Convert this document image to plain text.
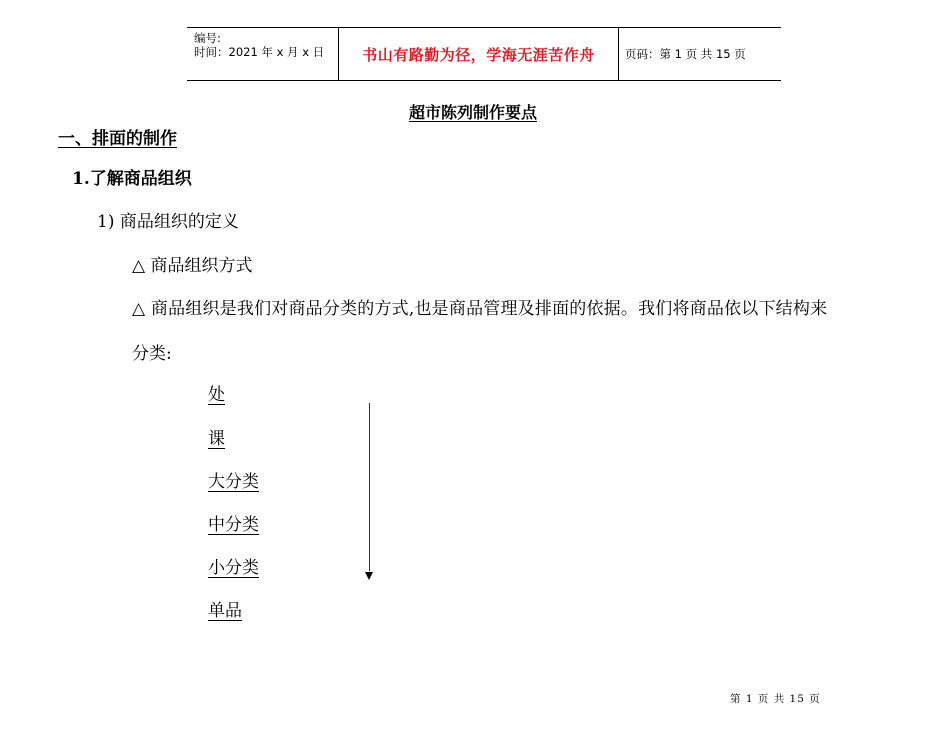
编号:
时间：2021 年 x 月 x 日	书山有路勤为径，学海无涯苦作舟	页码：第 1 页 共 15 页
超市陈列制作要点
一、排面的制作
1.了解商品组织
1) 商品组织的定义
△ 商品组织方式
△ 商品组织是我们对商品分类的方式,也是商品管理及排面的依据。我们将商品依以下结构来
分类:
处
课
大分类
中分类
小分类
单品
第 1 页 共 15 页
